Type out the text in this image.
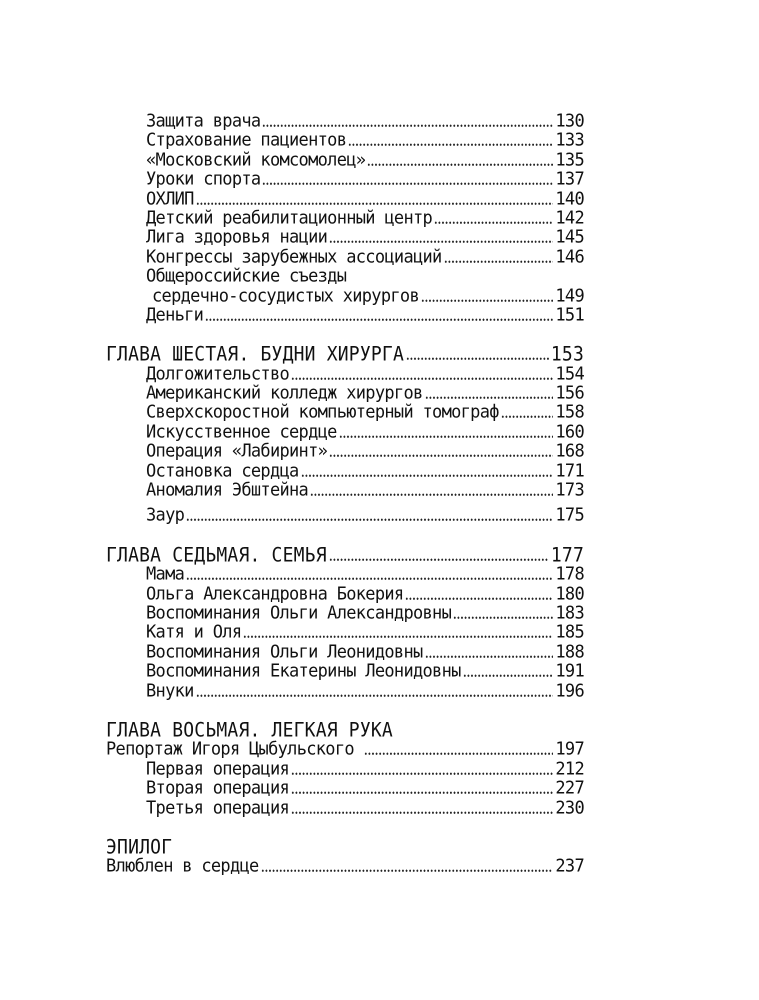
Защита врача	130
Страхование пациентов	133
«Московский комсомолец»	135
Уроки спорта	137
ОХЛИП	140
Детский реабилитационный центр	142
Лига здоровья нации	145
Конгрессы зарубежных ассоциаций	146
Общероссийские съезды
сердечно-сосудистых хирургов	149
Деньги	151
ГЛАВА ШЕСТАЯ. БУДНИ ХИРУРГА	153
Долгожительство	154
Американский колледж хирургов	156
Сверхскоростной компьютерный томограф	158
Искусственное сердце	160
Операция «Лабиринт»	168
Остановка сердца	171
Аномалия Эбштейна	173
Заур	175
ГЛАВА СЕДЬМАЯ. СЕМЬЯ	177
Мама	178
Ольга Александровна Бокерия	180
Воспоминания Ольги Александровны	183
Катя и Оля	185
Воспоминания Ольги Леонидовны	188
Воспоминания Екатерины Леонидовны	191
Внуки	196
ГЛАВА ВОСЬМАЯ. ЛЕГКАЯ РУКА
Репортаж Игоря Цыбульского	197
Первая операция	212
Вторая операция	227
Третья операция	230
ЭПИЛОГ
Влюблен в сердце	237
